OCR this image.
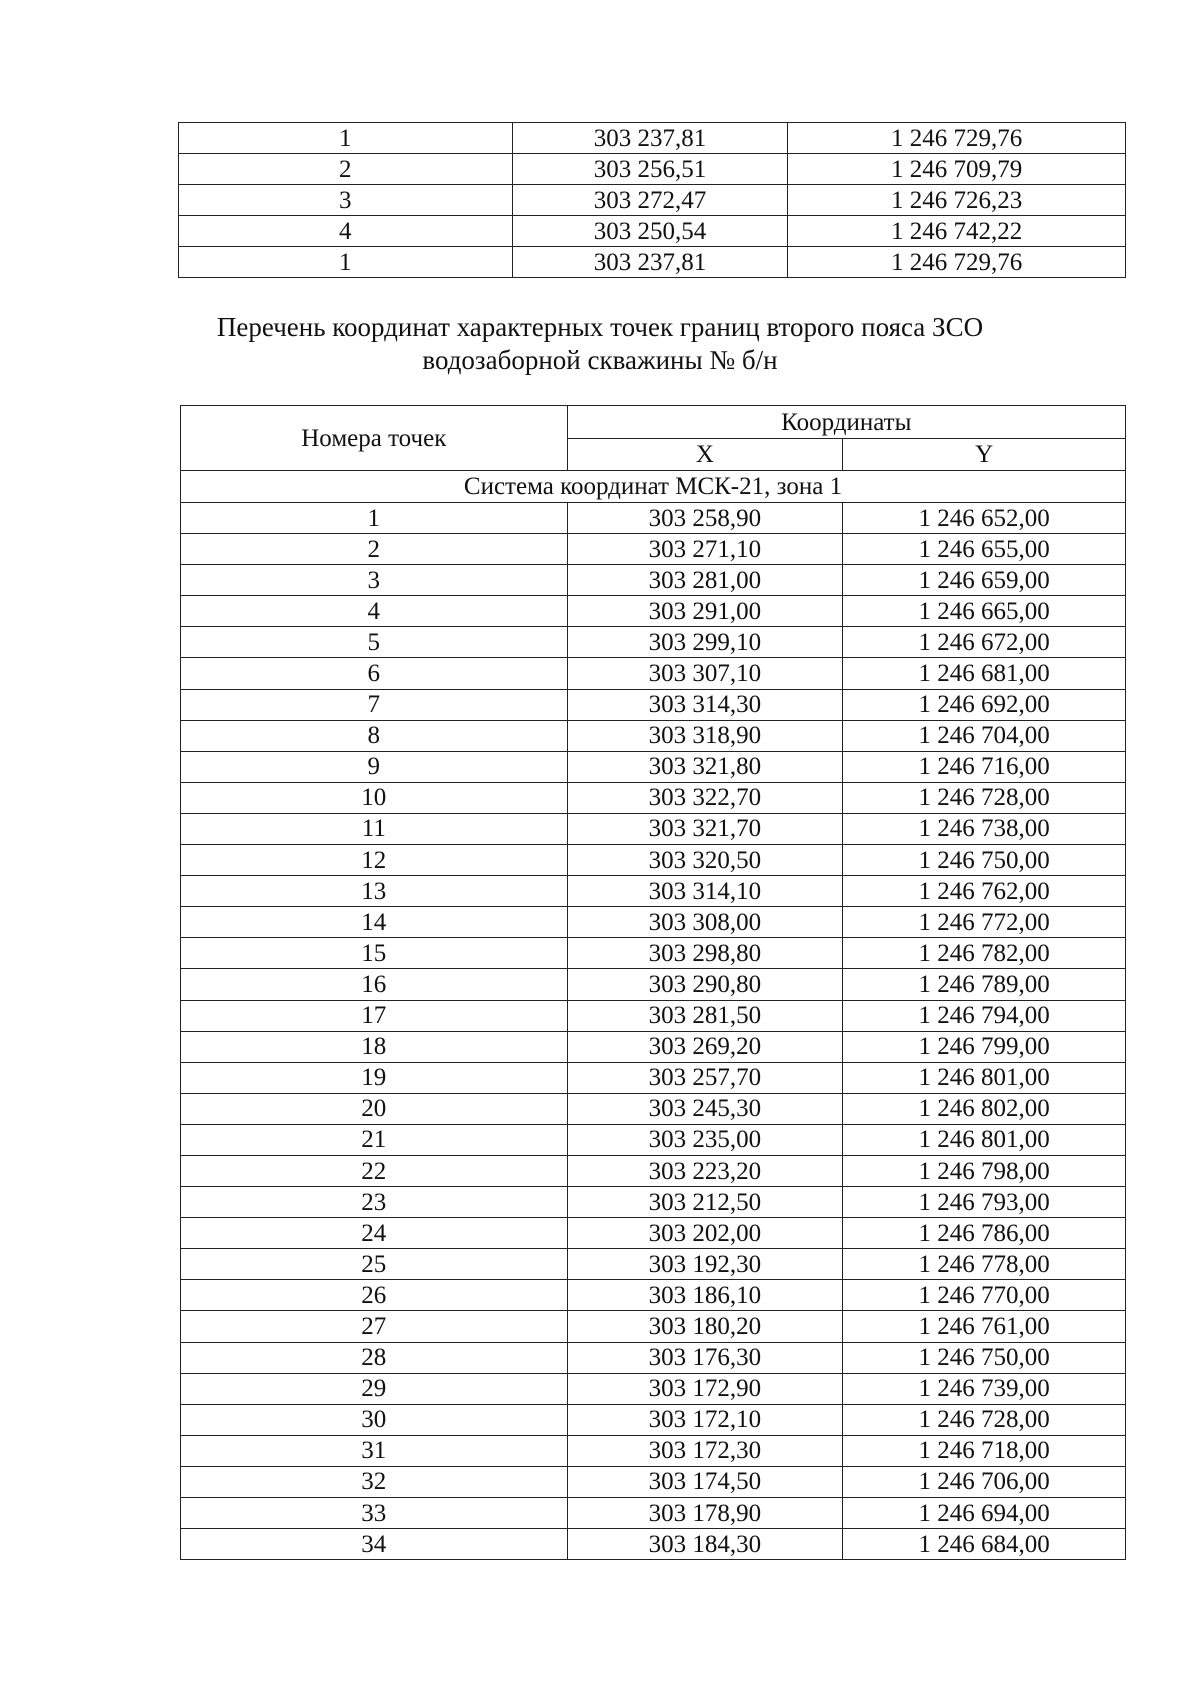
1	303 237,81	1 246 729,76
2	303 256,51	1 246 709,79
3	303 272,47	1 246 726,23
4	303 250,54	1 246 742,22
1	303 237,81	1 246 729,76
Перечень координат характерных точек границ второго пояса ЗСО
водозаборной скважины № б/н
Номера точек	Координаты	
	X	Y
Система координат МСК-21, зона 1		
1	303 258,90	1 246 652,00
2	303 271,10	1 246 655,00
3	303 281,00	1 246 659,00
4	303 291,00	1 246 665,00
5	303 299,10	1 246 672,00
6	303 307,10	1 246 681,00
7	303 314,30	1 246 692,00
8	303 318,90	1 246 704,00
9	303 321,80	1 246 716,00
10	303 322,70	1 246 728,00
11	303 321,70	1 246 738,00
12	303 320,50	1 246 750,00
13	303 314,10	1 246 762,00
14	303 308,00	1 246 772,00
15	303 298,80	1 246 782,00
16	303 290,80	1 246 789,00
17	303 281,50	1 246 794,00
18	303 269,20	1 246 799,00
19	303 257,70	1 246 801,00
20	303 245,30	1 246 802,00
21	303 235,00	1 246 801,00
22	303 223,20	1 246 798,00
23	303 212,50	1 246 793,00
24	303 202,00	1 246 786,00
25	303 192,30	1 246 778,00
26	303 186,10	1 246 770,00
27	303 180,20	1 246 761,00
28	303 176,30	1 246 750,00
29	303 172,90	1 246 739,00
30	303 172,10	1 246 728,00
31	303 172,30	1 246 718,00
32	303 174,50	1 246 706,00
33	303 178,90	1 246 694,00
34	303 184,30	1 246 684,00
